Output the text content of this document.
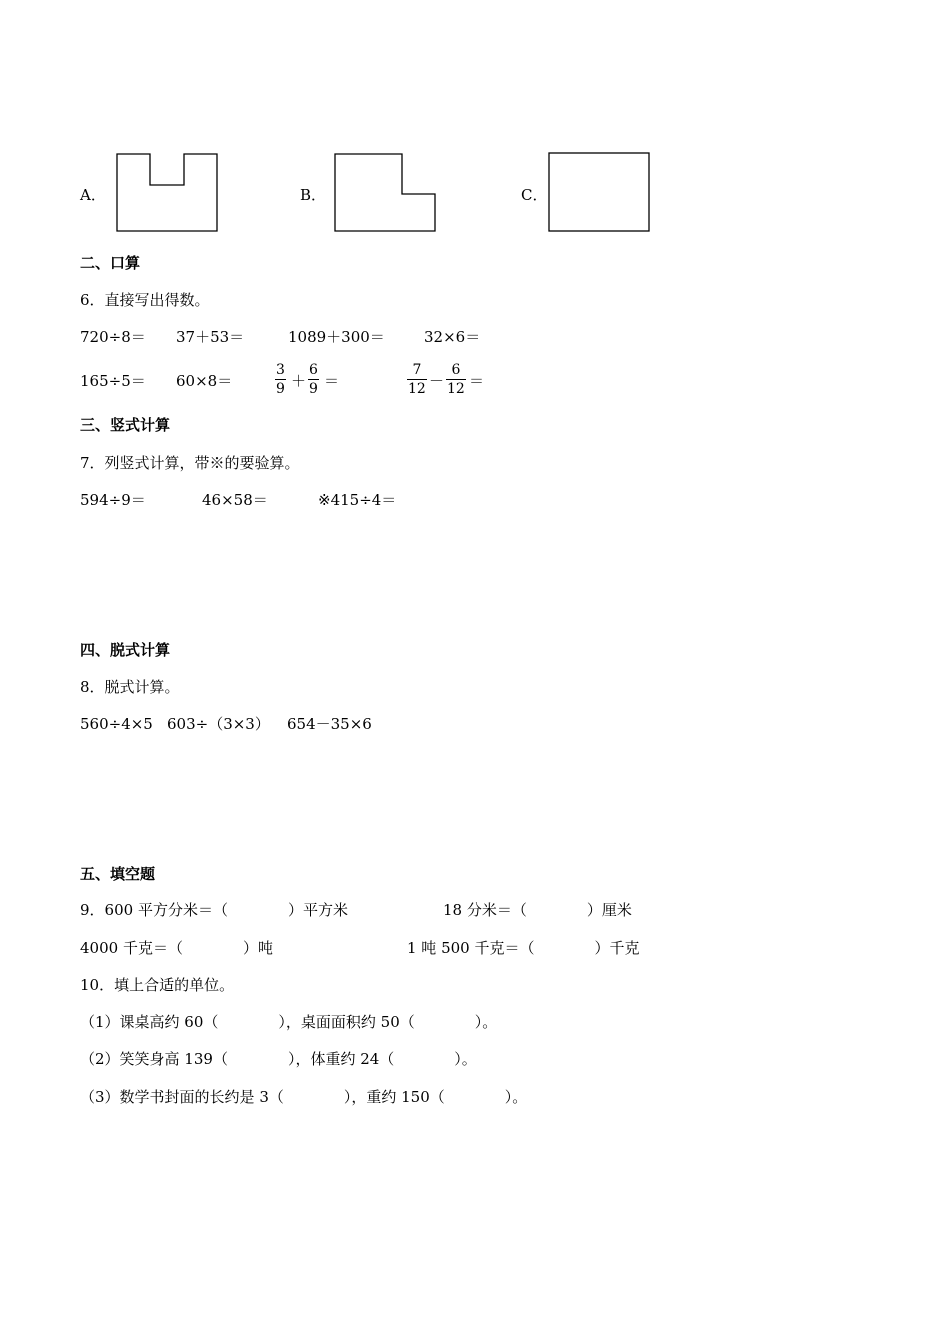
A．	B．	C．
二、口算
6．直接写出得数。
720÷8＝ 37＋53＝	1089＋300＝	32×6＝
165÷5＝ 60×8＝
3
9 ＋
6
9 ＝
7
12 －
6
12 ＝
三、竖式计算
7．列竖式计算，带※的要验算。
594÷9＝	46×58＝	※415÷4＝
四、脱式计算
8．脱式计算。
560÷4×5 603÷（3×3） 654－35×6
五、填空题
9．600 平方分米＝（　　　　）平方米	18 分米＝（　　　　）厘米
4000 千克＝（　　　　）吨	1 吨 500 千克＝（　　　　）千克
10．填上合适的单位。
（1）课桌高约 60（　　　　），桌面面积约 50（　　　　）。
（2）笑笑身高 139（　　　　），体重约 24（　　　　）。
（3）数学书封面的长约是 3（　　　　），重约 150（　　　　）。
